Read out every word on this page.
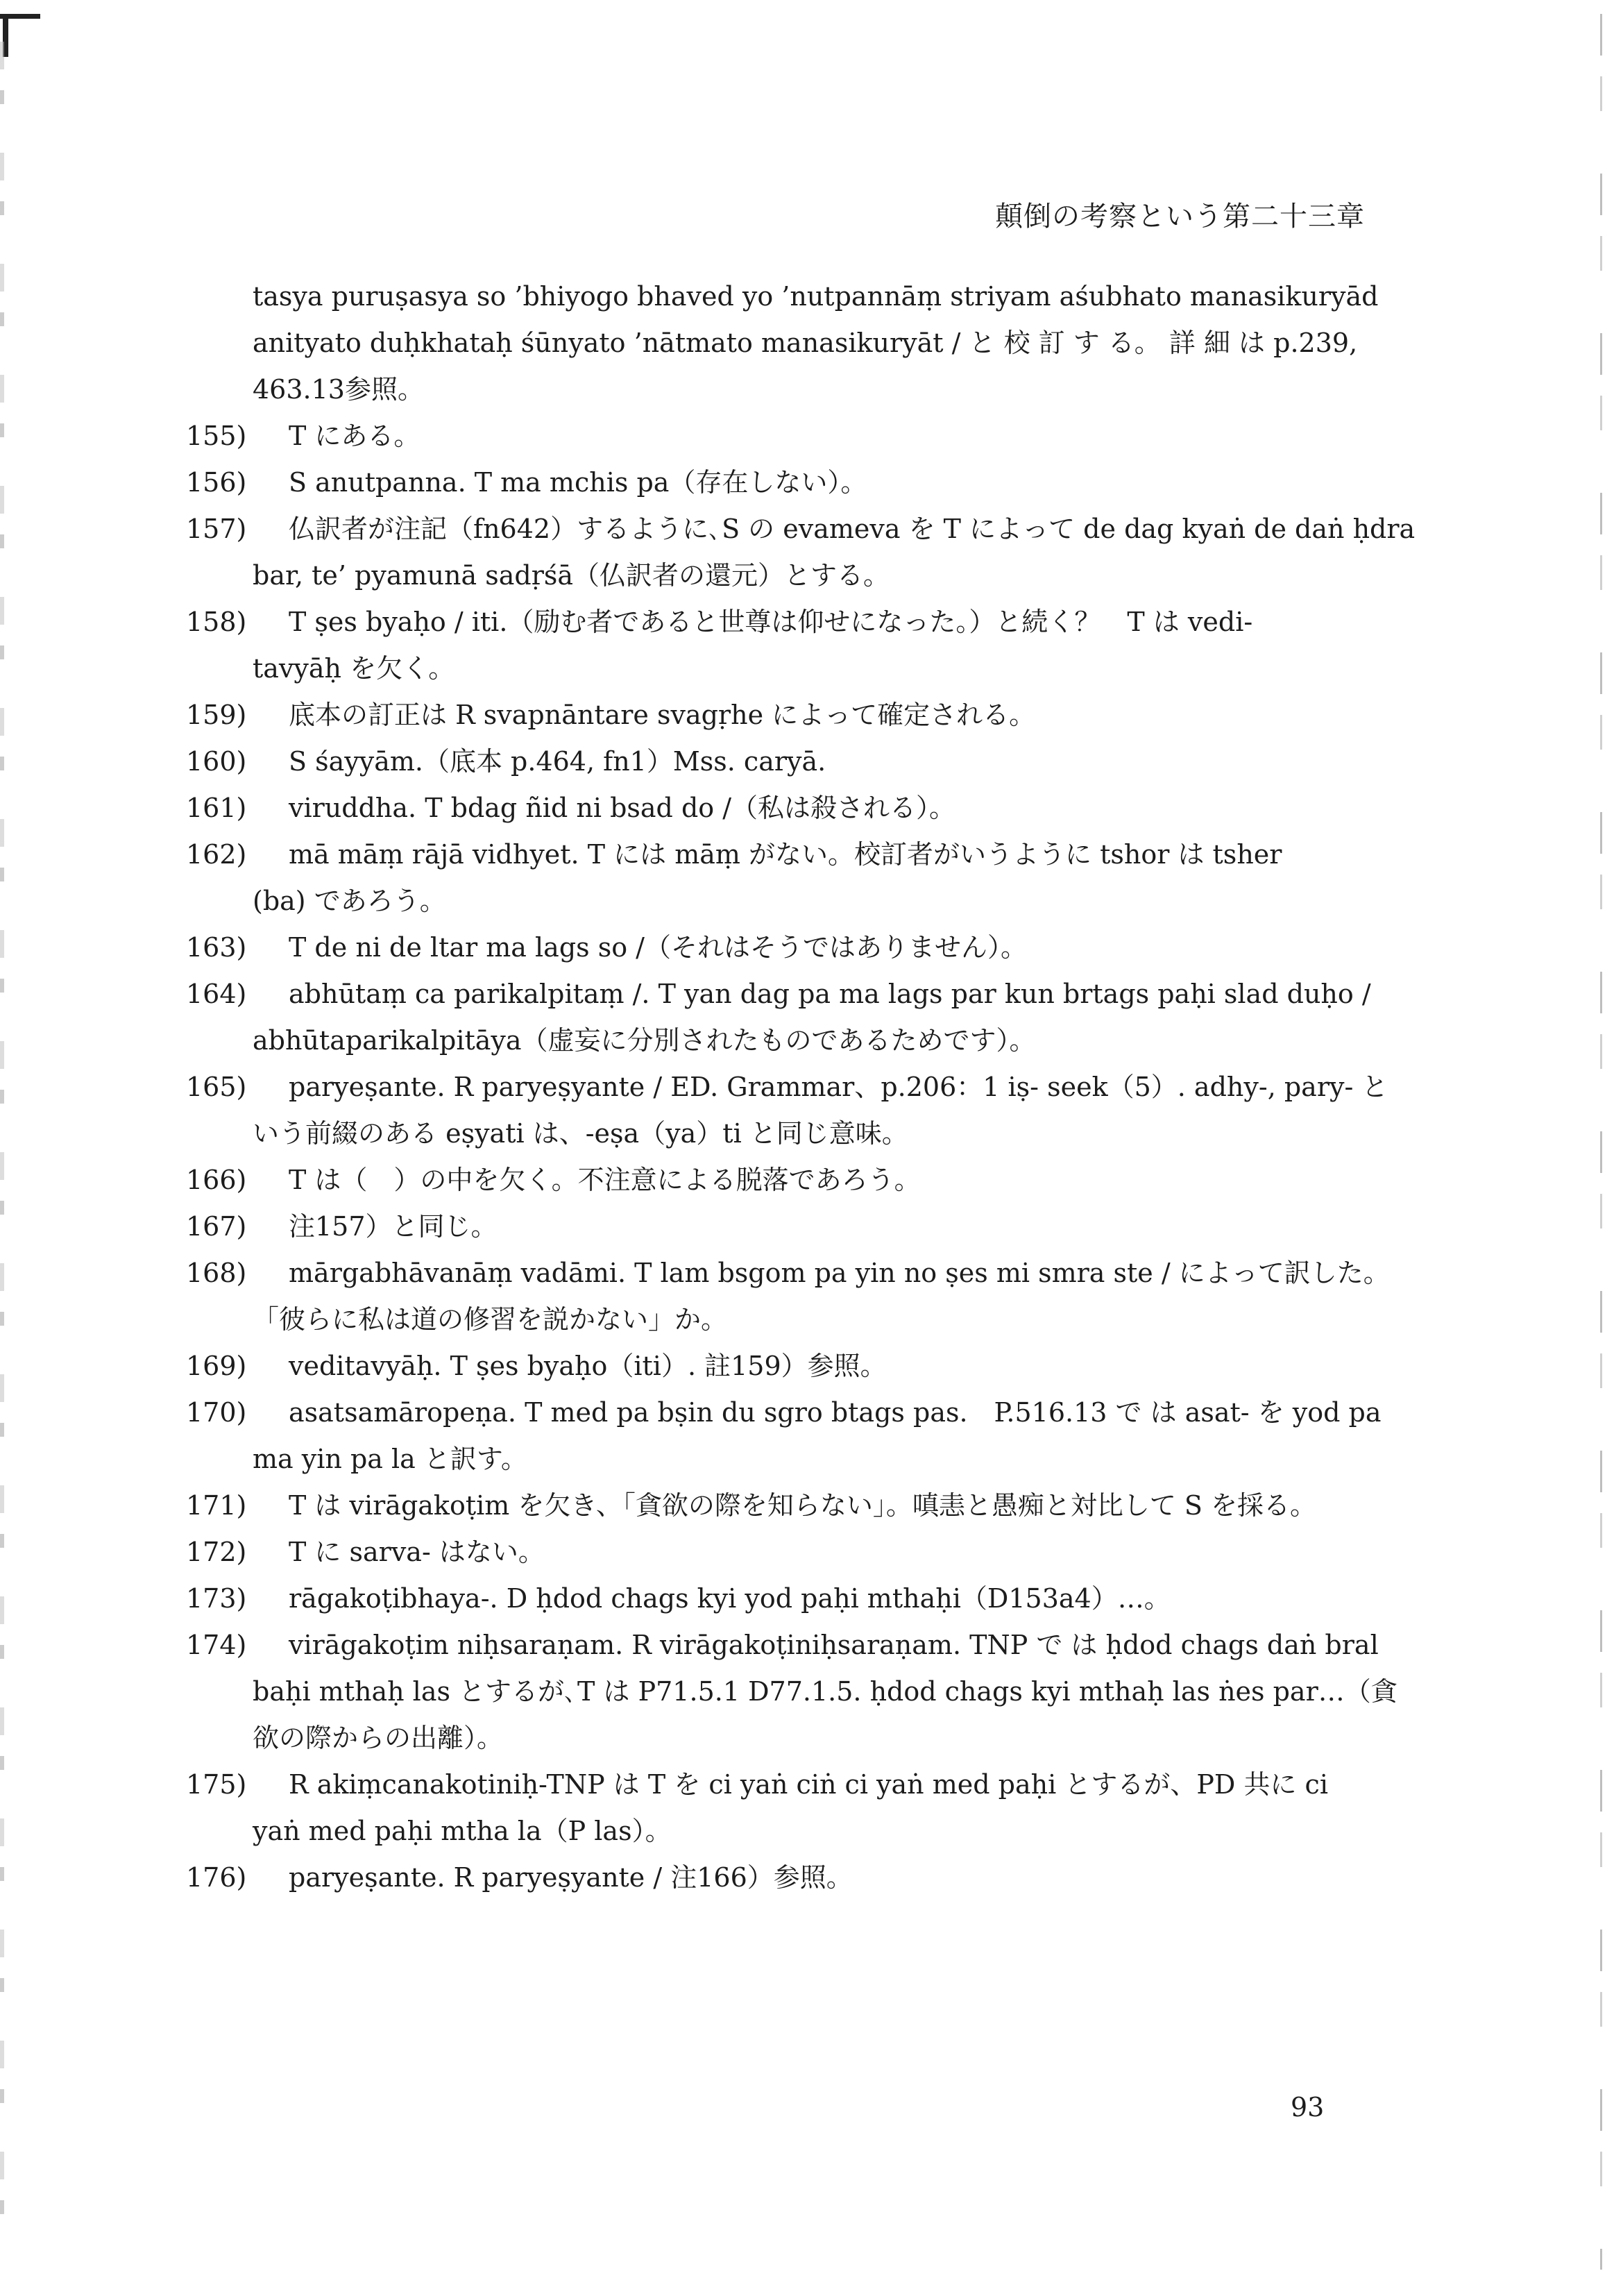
顛倒の考察という第二十三章
tasya puruṣasya so ’bhiyogo bhaved yo ’nutpannāṃ striyam aśubhato manasikuryād
anityato duḥkhataḥ śūnyato ’nātmato manasikuryāt / と 校 訂 す る。 詳 細 は p.239,
463.13参照。
155)	T にある。
156)	S anutpanna. T ma mchis pa（存在しない）。
157)	仏訳者が注記（fn642）するように､S の evameva を T によって de dag kyaṅ de daṅ ḥdra
bar, te’ pyamunā sadṛśā（仏訳者の還元）とする。
158)	T ṣes byaḥo / iti.（励む者であると世尊は仰せになった。）と続く？　T は vedi-
tavyāḥ を欠く。
159)	底本の訂正は R svapnāntare svagṛhe によって確定される。
160)	S śayyām.（底本 p.464, fn1）Mss. caryā.
161)	viruddha. T bdag ñid ni bsad do /（私は殺される）。
162)	mā māṃ rājā vidhyet. T には māṃ がない。校訂者がいうように tshor は tsher
(ba) であろう。
163)	T de ni de ltar ma lags so /（それはそうではありません）。
164)	abhūtaṃ ca parikalpitaṃ /. T yan dag pa ma lags par kun brtags paḥi slad duḥo /
abhūtaparikalpitāya（虚妄に分別されたものであるためです）。
165)	paryeṣante. R paryeṣyante / ED. Grammar、p.206：1 iṣ- seek（5）. adhy-, pary- と
いう前綴のある eṣyati は、-eṣa（ya）ti と同じ意味。
166)	T は（　）の中を欠く。不注意による脱落であろう。
167)	注157）と同じ。
168)	mārgabhāvanāṃ vadāmi. T lam bsgom pa yin no ṣes mi smra ste / によって訳した。
「彼らに私は道の修習を説かない」か。
169)	veditavyāḥ. T ṣes byaḥo（iti）. 註159）参照。
170)	asatsamāropeṇa. T med pa bṣin du sgro btags pas.　P.516.13 で は asat- を yod pa
ma yin pa la と訳す。
171)	T は virāgakoṭim を欠き、「貪欲の際を知らない」。嗔恚と愚痴と対比して S を採る。
172)	T に sarva- はない。
173)	rāgakoṭibhaya-. D ḥdod chags kyi yod paḥi mthaḥi（D153a4）…。
174)	virāgakoṭim niḥsaraṇam. R virāgakoṭiniḥsaraṇam. TNP で は ḥdod chags daṅ bral
baḥi mthaḥ las とするが､T は P71.5.1 D77.1.5. ḥdod chags kyi mthaḥ las ṅes par…（貪
欲の際からの出離）。
175)	R akiṃcanakotiniḥ-TNP は T を ci yaṅ ciṅ ci yaṅ med paḥi とするが、PD 共に ci
yaṅ med paḥi mtha la（P las）。
176)	paryeṣante. R paryeṣyante / 注166）参照。
93
